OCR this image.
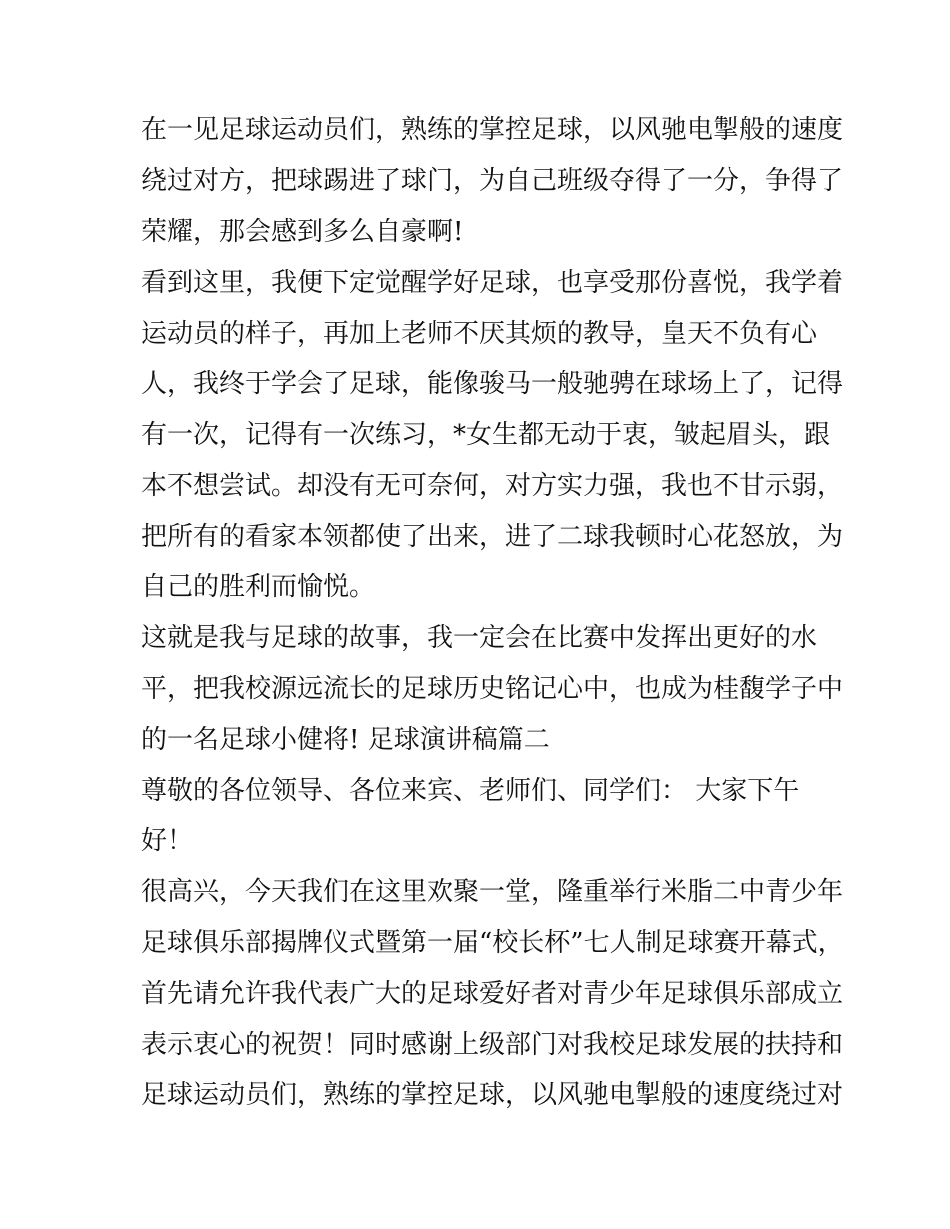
在一见足球运动员们，熟练的掌控足球，以风驰电掣般的速度

绕过对方，把球踢进了球门，为自己班级夺得了一分，争得了

荣耀，那会感到多么自豪啊!

看到这里，我便下定觉醒学好足球，也享受那份喜悦，我学着

运动员的样子，再加上老师不厌其烦的教导，皇天不负有心

人，我终于学会了足球，能像骏马一般驰骋在球场上了，记得

有一次，记得有一次练习，*女生都无动于衷，皱起眉头，跟

本不想尝试。却没有无可奈何，对方实力强，我也不甘示弱，

把所有的看家本领都使了出来，进了二球我顿时心花怒放，为

自己的胜利而愉悦。

这就是我与足球的故事，我一定会在比赛中发挥出更好的水

平，把我校源远流长的足球历史铭记心中，也成为桂馥学子中

的一名足球小健将! 足球演讲稿篇二

尊敬的各位领导、各位来宾、老师们、同学们： 大家下午

好！

很高兴，今天我们在这里欢聚一堂，隆重举行米脂二中青少年

足球俱乐部揭牌仪式暨第一届“校长杯”七人制足球赛开幕式，

首先请允许我代表广大的足球爱好者对青少年足球俱乐部成立

表示衷心的祝贺！同时感谢上级部门对我校足球发展的扶持和

足球运动员们，熟练的掌控足球，以风驰电掣般的速度绕过对
